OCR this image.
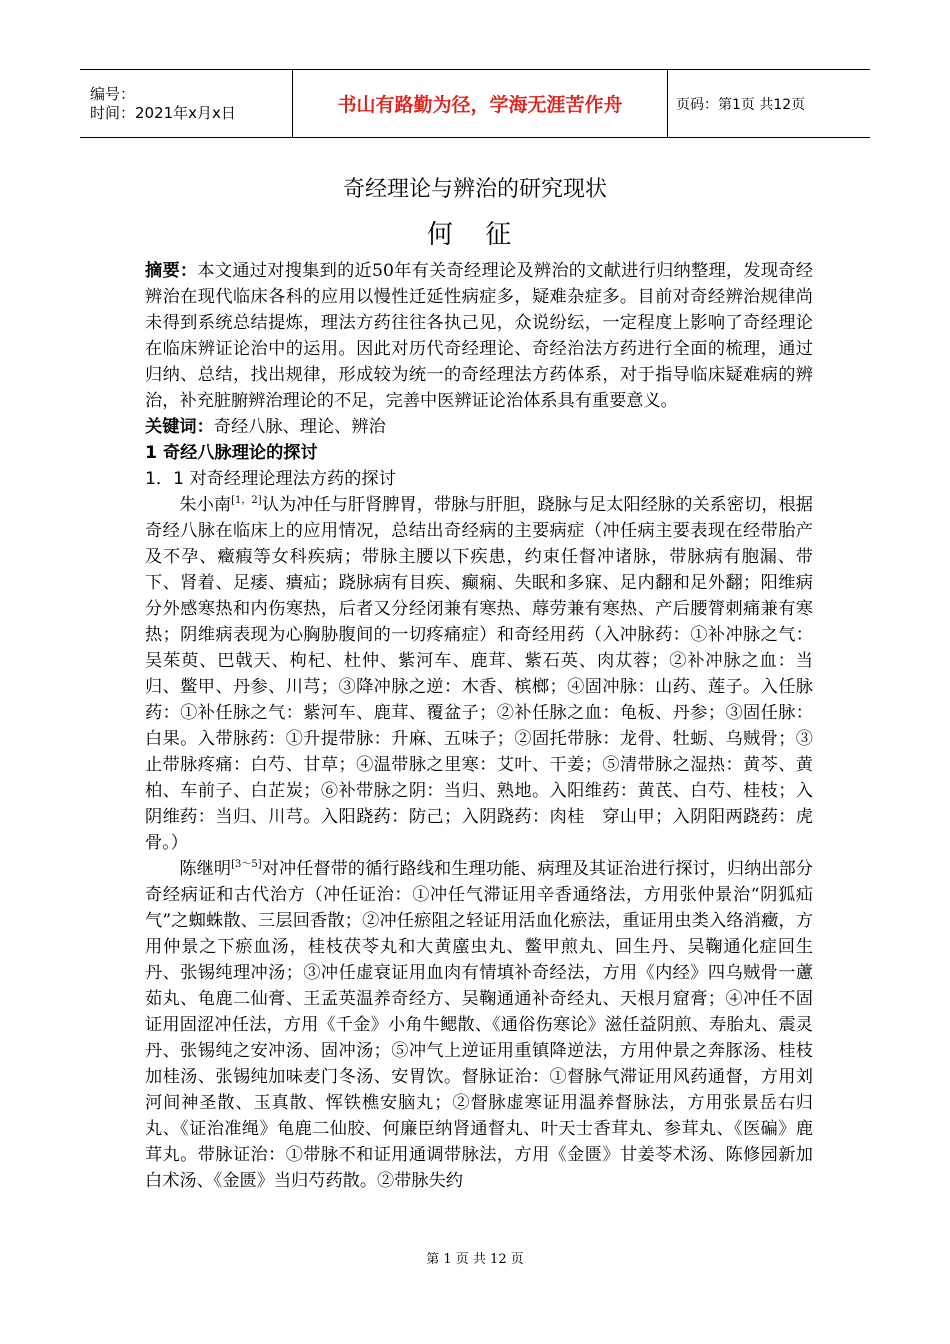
编号：
时间：2021年x月x日	书山有路勤为径，学海无涯苦作舟	页码：第1页 共12页
奇经理论与辨治的研究现状
何 征

摘要：本文通过对搜集到的近50年有关奇经理论及辨治的文献进行归纳整理，发现奇经辨治在现代临床各科的应用以慢性迁延性病症多，疑难杂症多。目前对奇经辨治规律尚未得到系统总结提炼，理法方药往往各执己见，众说纷纭，一定程度上影响了奇经理论在临床辨证论治中的运用。因此对历代奇经理论、奇经治法方药进行全面的梳理，通过归纳、总结，找出规律，形成较为统一的奇经理法方药体系，对于指导临床疑难病的辨治，补充脏腑辨治理论的不足，完善中医辨证论治体系具有重要意义。

关键词：奇经八脉、理论、辨治

1 奇经八脉理论的探讨

1．1 对奇经理论理法方药的探讨

朱小南[1，2]认为冲任与肝肾脾胃，带脉与肝胆，跷脉与足太阳经脉的关系密切，根据奇经八脉在临床上的应用情况，总结出奇经病的主要病症（冲任病主要表现在经带胎产及不孕、癥瘕等女科疾病；带脉主腰以下疾患，约束任督冲诸脉，带脉病有胞漏、带下、肾着、足痿、㿉疝；跷脉病有目疾、癫痫、失眠和多寐、足内翻和足外翻；阳维病分外感寒热和内伤寒热，后者又分经闭兼有寒热、蓐劳兼有寒热、产后腰膂刺痛兼有寒热；阴维病表现为心胸胁腹间的一切疼痛症）和奇经用药（入冲脉药：①补冲脉之气：吴茱萸、巴戟天、枸杞、杜仲、紫河车、鹿茸、紫石英、肉苁蓉；②补冲脉之血：当归、鳖甲、丹参、川芎；③降冲脉之逆：木香、槟榔；④固冲脉：山药、莲子。入任脉药：①补任脉之气：紫河车、鹿茸、覆盆子；②补任脉之血：龟板、丹参；③固任脉：白果。入带脉药：①升提带脉：升麻、五味子；②固托带脉：龙骨、牡蛎、乌贼骨；③止带脉疼痛：白芍、甘草；④温带脉之里寒：艾叶、干姜；⑤清带脉之湿热：黄芩、黄柏、车前子、白芷炭；⑥补带脉之阴：当归、熟地。入阳维药：黄芪、白芍、桂枝；入阴维药：当归、川芎。入阳跷药：防己；入阴跷药：肉桂　穿山甲；入阴阳两跷药：虎骨。）

陈继明[3～5]对冲任督带的循行路线和生理功能、病理及其证治进行探讨，归纳出部分奇经病证和古代治方（冲任证治：①冲任气滞证用辛香通络法，方用张仲景治“阴狐疝气”之蜘蛛散、三层回香散；②冲任瘀阻之轻证用活血化瘀法，重证用虫类入络消癥，方用仲景之下瘀血汤，桂枝茯苓丸和大黄䗪虫丸、鳖甲煎丸、回生丹、吴鞠通化症回生丹、张锡纯理冲汤；③冲任虚衰证用血肉有情填补奇经法，方用《内经》四乌贼骨一藘茹丸、龟鹿二仙膏、王孟英温养奇经方、吴鞠通通补奇经丸、天根月窟膏；④冲任不固证用固涩冲任法，方用《千金》小角牛鳃散、《通俗伤寒论》滋任益阴煎、寿胎丸、震灵丹、张锡纯之安冲汤、固冲汤；⑤冲气上逆证用重镇降逆法，方用仲景之奔豚汤、桂枝加桂汤、张锡纯加味麦门冬汤、安胃饮。督脉证治：①督脉气滞证用风药通督，方用刘河间神圣散、玉真散、恽铁樵安脑丸；②督脉虚寒证用温养督脉法，方用张景岳右归丸、《证治准绳》龟鹿二仙胶、何廉臣纳肾通督丸、叶天士香茸丸、参茸丸、《医碥》鹿茸丸。带脉证治：①带脉不和证用通调带脉法，方用《金匮》甘姜苓术汤、陈修园新加白术汤、《金匮》当归芍药散。②带脉失约

第 1 页 共 12 页
